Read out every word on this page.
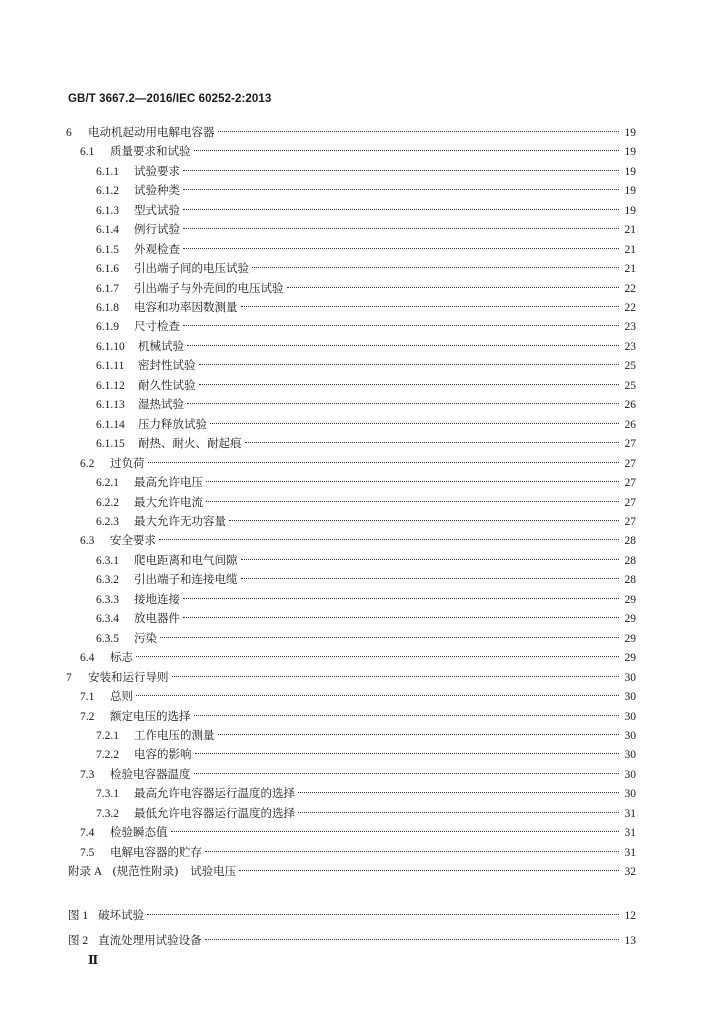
GB/T 3667.2—2016/IEC 60252-2:2013
6	电动机起动用电解电容器	19
6.1	质量要求和试验	19
6.1.1	试验要求	19
6.1.2	试验种类	19
6.1.3	型式试验	19
6.1.4	例行试验	21
6.1.5	外观检查	21
6.1.6	引出端子间的电压试验	21
6.1.7	引出端子与外壳间的电压试验	22
6.1.8	电容和功率因数测量	22
6.1.9	尺寸检查	23
6.1.10	机械试验	23
6.1.11	密封性试验	25
6.1.12	耐久性试验	25
6.1.13	湿热试验	26
6.1.14	压力释放试验	26
6.1.15	耐热、耐火、耐起痕	27
6.2	过负荷	27
6.2.1	最高允许电压	27
6.2.2	最大允许电流	27
6.2.3	最大允许无功容量	27
6.3	安全要求	28
6.3.1	爬电距离和电气间隙	28
6.3.2	引出端子和连接电缆	28
6.3.3	接地连接	29
6.3.4	放电器件	29
6.3.5	污染	29
6.4	标志	29
7	安装和运行导则	30
7.1	总则	30
7.2	额定电压的选择	30
7.2.1	工作电压的测量	30
7.2.2	电容的影响	30
7.3	检验电容器温度	30
7.3.1	最高允许电容器运行温度的选择	30
7.3.2	最低允许电容器运行温度的选择	31
7.4	检验瞬态值	31
7.5	电解电容器的贮存	31
附录 A (规范性附录)　试验电压	32
图 1 破坏试验	12
图 2 直流处理用试验设备	13
Ⅱ
